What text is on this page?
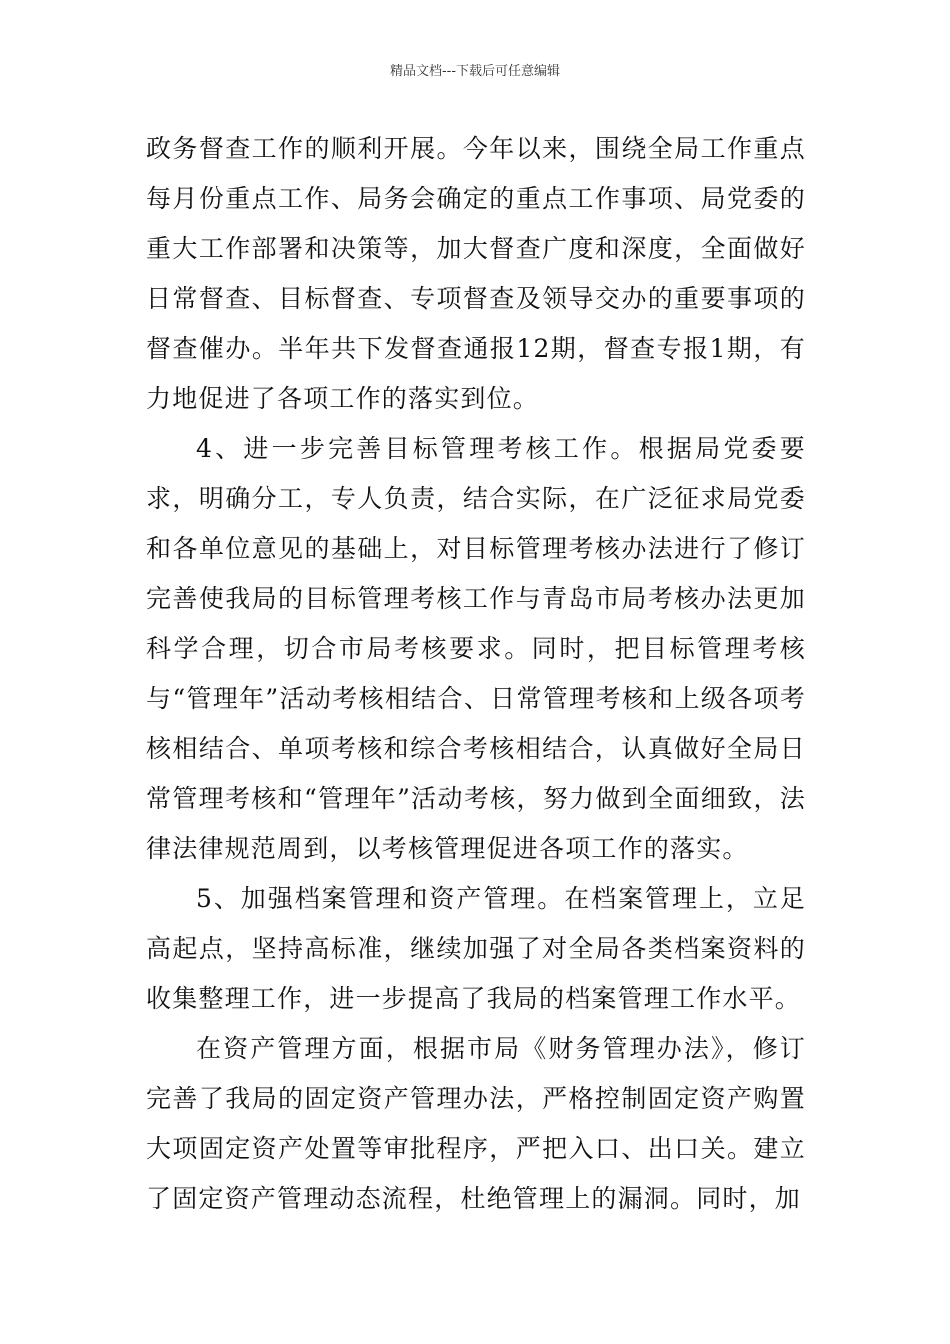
精品文档---下载后可任意编辑

政务督查工作的顺利开展。今年以来，围绕全局工作重点每月份重点工作、局务会确定的重点工作事项、局党委的重大工作部署和决策等，加大督查广度和深度，全面做好日常督查、目标督查、专项督查及领导交办的重要事项的督查催办。半年共下发督查通报12期，督查专报1期，有力地促进了各项工作的落实到位。

4、进一步完善目标管理考核工作。根据局党委要求，明确分工，专人负责，结合实际，在广泛征求局党委和各单位意见的基础上，对目标管理考核办法进行了修订完善使我局的目标管理考核工作与青岛市局考核办法更加科学合理，切合市局考核要求。同时，把目标管理考核与“管理年”活动考核相结合、日常管理考核和上级各项考核相结合、单项考核和综合考核相结合，认真做好全局日常管理考核和“管理年”活动考核，努力做到全面细致，法律法律规范周到，以考核管理促进各项工作的落实。

5、加强档案管理和资产管理。在档案管理上，立足高起点，坚持高标准，继续加强了对全局各类档案资料的收集整理工作，进一步提高了我局的档案管理工作水平。

在资产管理方面，根据市局《财务管理办法》，修订完善了我局的固定资产管理办法，严格控制固定资产购置大项固定资产处置等审批程序，严把入口、出口关。建立了固定资产管理动态流程，杜绝管理上的漏洞。同时，加
